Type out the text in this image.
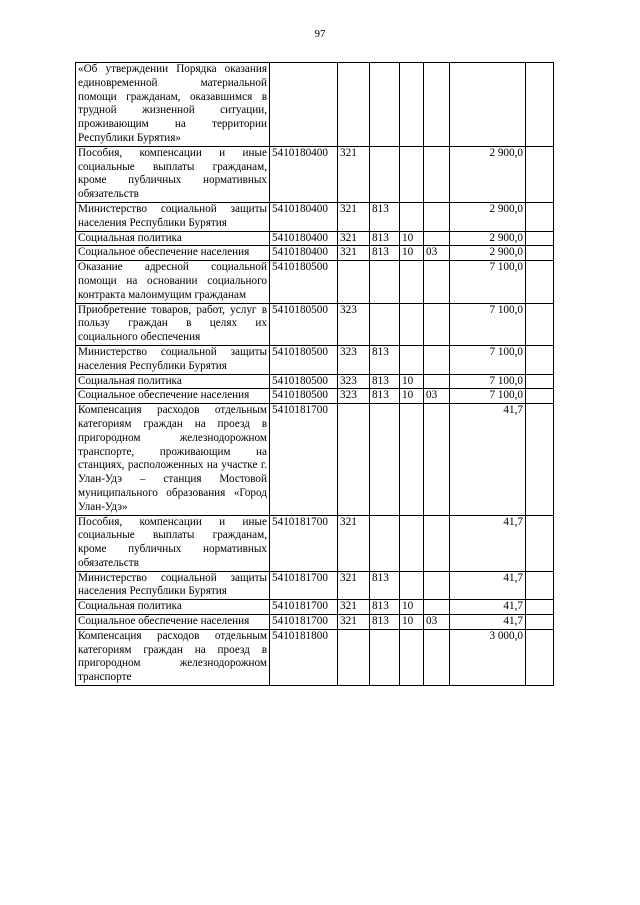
97
«Об утверждении Порядка оказания единовременной материальной помощи гражданам, оказавшимся в трудной жизненной ситуации, проживающим на территории Республики Бурятия»							
Пособия, компенсации и иные социальные выплаты гражданам, кроме публичных нормативных обязательств	5410180400	321				2 900,0	
Министерство социальной защиты населения Республики Бурятия	5410180400	321	813			2 900,0	
Социальная политика	5410180400	321	813	10		2 900,0	
Социальное обеспечение населения	5410180400	321	813	10	03	2 900,0	
Оказание адресной социальной помощи на основании социального контракта малоимущим гражданам	5410180500					7 100,0	
Приобретение товаров, работ, услуг в пользу граждан в целях их социального обеспечения	5410180500	323				7 100,0	
Министерство социальной защиты населения Республики Бурятия	5410180500	323	813			7 100,0	
Социальная политика	5410180500	323	813	10		7 100,0	
Социальное обеспечение населения	5410180500	323	813	10	03	7 100,0	
Компенсация расходов отдельным категориям граждан на проезд в пригородном железнодорожном транспорте, проживающим на станциях, расположенных на участке г. Улан-Удэ – станция Мостовой муниципального образования «Город Улан-Удэ»	5410181700					41,7	
Пособия, компенсации и иные социальные выплаты гражданам, кроме публичных нормативных обязательств	5410181700	321				41,7	
Министерство социальной защиты населения Республики Бурятия	5410181700	321	813			41,7	
Социальная политика	5410181700	321	813	10		41,7	
Социальное обеспечение населения	5410181700	321	813	10	03	41,7	
Компенсация расходов отдельным категориям граждан на проезд в пригородном железнодорожном транспорте	5410181800					3 000,0	
